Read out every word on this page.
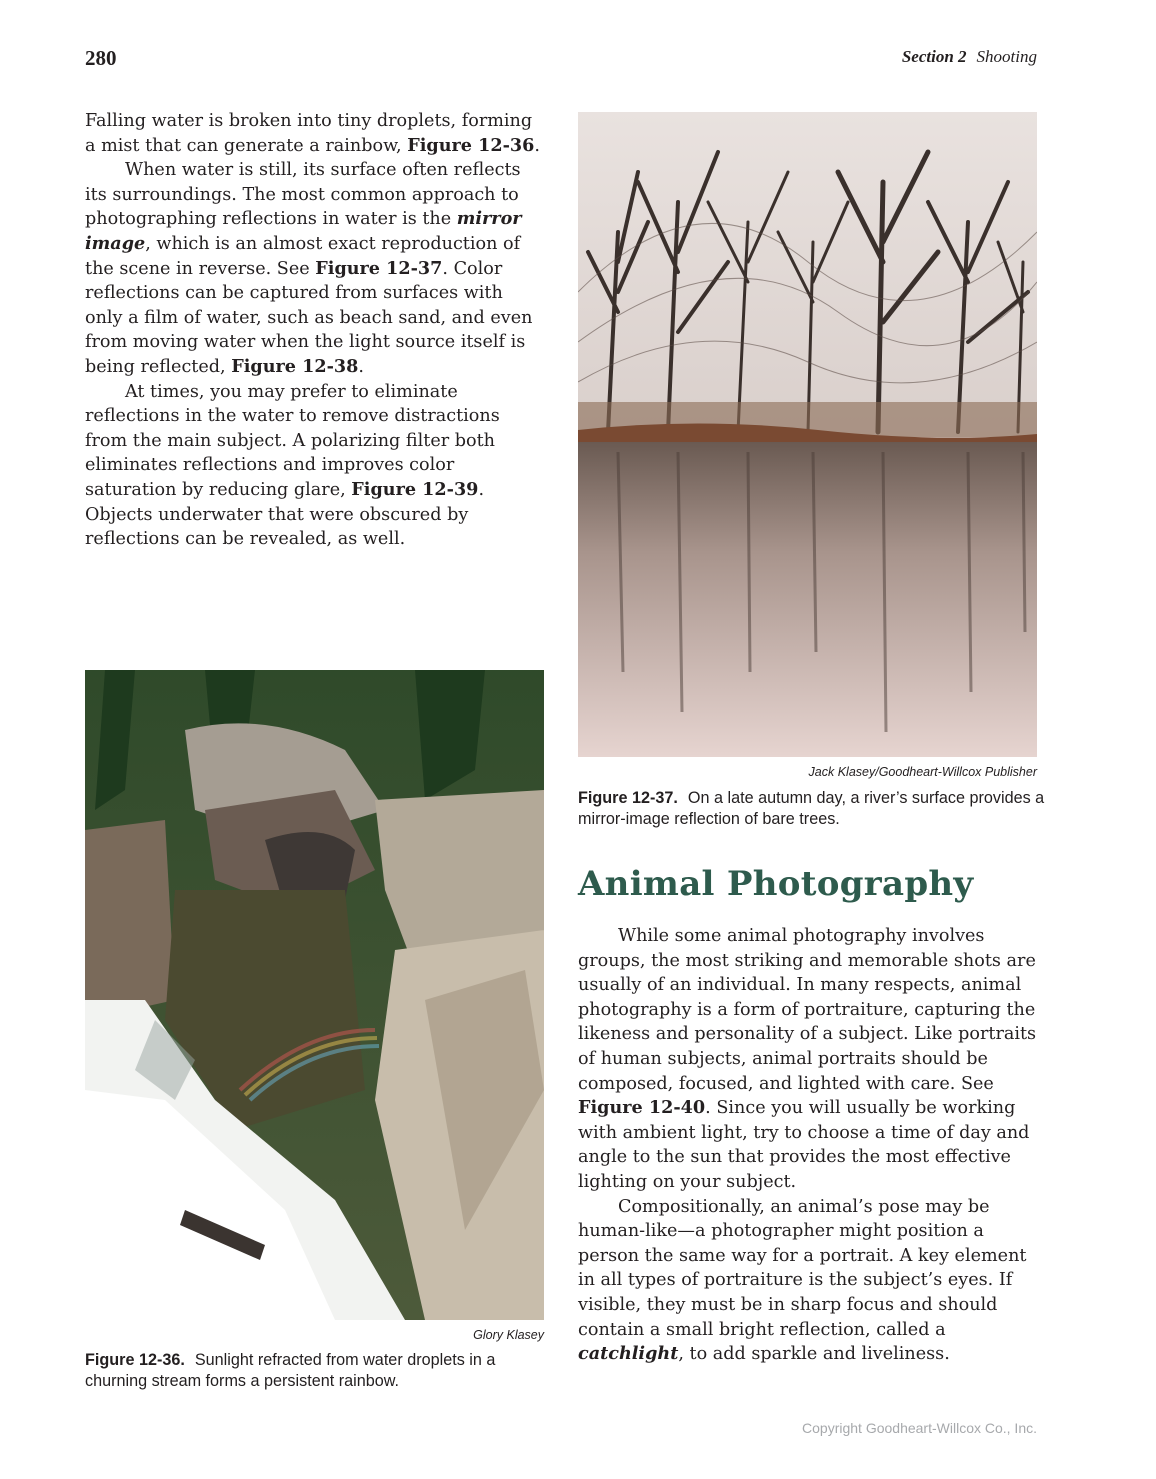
280	Section 2 Shooting

Falling water is broken into tiny droplets, forming a mist that can generate a rainbow, Figure 12-36.

When water is still, its surface often reflects its surroundings. The most common approach to photographing reflections in water is the mirror image, which is an almost exact reproduction of the scene in reverse. See Figure 12-37. Color reflections can be captured from surfaces with only a film of water, such as beach sand, and even from moving water when the light source itself is being reflected, Figure 12-38.

At times, you may prefer to eliminate reflections in the water to remove distractions from the main subject. A polarizing filter both eliminates reflections and improves color saturation by reducing glare, Figure 12-39. Objects underwater that were obscured by reflections can be revealed, as well.

Jack Klasey/Goodheart-Willcox Publisher
Figure 12-37. On a late autumn day, a river’s surface provides a mirror-image reflection of bare trees.
Glory Klasey
Figure 12-36. Sunlight refracted from water droplets in a churning stream forms a persistent rainbow.
Animal Photography

While some animal photography involves groups, the most striking and memorable shots are usually of an individual. In many respects, animal photography is a form of portraiture, capturing the likeness and personality of a subject. Like portraits of human subjects, animal portraits should be composed, focused, and lighted with care. See Figure 12-40. Since you will usually be working with ambient light, try to choose a time of day and angle to the sun that provides the most effective lighting on your subject.

Compositionally, an animal’s pose may be human-like—a photographer might position a person the same way for a portrait. A key element in all types of portraiture is the subject’s eyes. If visible, they must be in sharp focus and should contain a small bright reflection, called a catchlight, to add sparkle and liveliness.

Copyright Goodheart-Willcox Co., Inc.
